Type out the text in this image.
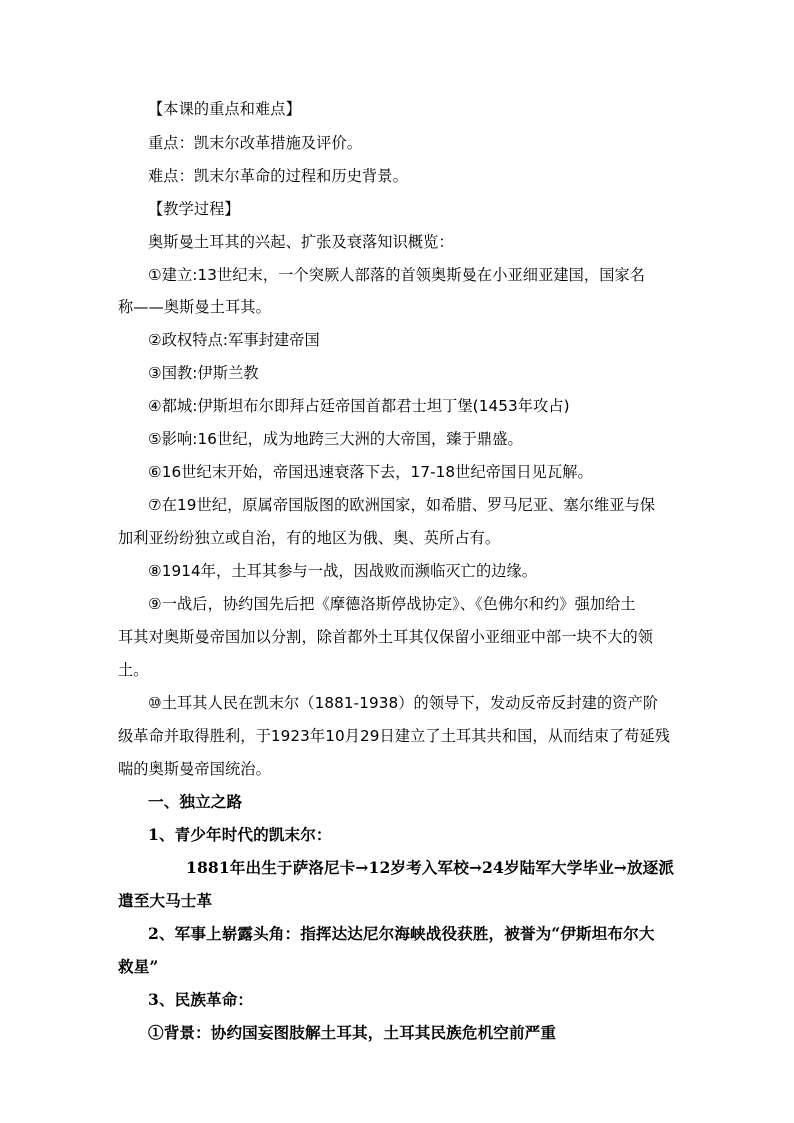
【本课的重点和难点】
重点：凯末尔改革措施及评价。
难点：凯末尔革命的过程和历史背景。
【教学过程】
奥斯曼土耳其的兴起、扩张及衰落知识概览：
①建立:13世纪末，一个突厥人部落的首领奥斯曼在小亚细亚建国，国家名
称——奥斯曼土耳其。
②政权特点:军事封建帝国
③国教:伊斯兰教
④都城:伊斯坦布尔即拜占廷帝国首都君士坦丁堡(1453年攻占)
⑤影响:16世纪，成为地跨三大洲的大帝国，臻于鼎盛。
⑥16世纪末开始，帝国迅速衰落下去，17-18世纪帝国日见瓦解。
⑦在19世纪，原属帝国版图的欧洲国家，如希腊、罗马尼亚、塞尔维亚与保
加利亚纷纷独立或自治，有的地区为俄、奥、英所占有。
⑧1914年，土耳其参与一战，因战败而濒临灭亡的边缘。
⑨一战后，协约国先后把《摩德洛斯停战协定》、《色佛尔和约》强加给土
耳其对奥斯曼帝国加以分割，除首都外土耳其仅保留小亚细亚中部一块不大的领
土。
⑩土耳其人民在凯末尔（1881-1938）的领导下，发动反帝反封建的资产阶
级革命并取得胜利，于1923年10月29日建立了土耳其共和国，从而结束了苟延残
喘的奥斯曼帝国统治。
一、独立之路
1、青少年时代的凯末尔：
1881年出生于萨洛尼卡→12岁考入军校→24岁陆军大学毕业→放逐派
遣至大马士革
2、军事上崭露头角：指挥达达尼尔海峡战役获胜，被誉为“伊斯坦布尔大
救星”
3、民族革命：
①背景：协约国妄图肢解土耳其，土耳其民族危机空前严重
